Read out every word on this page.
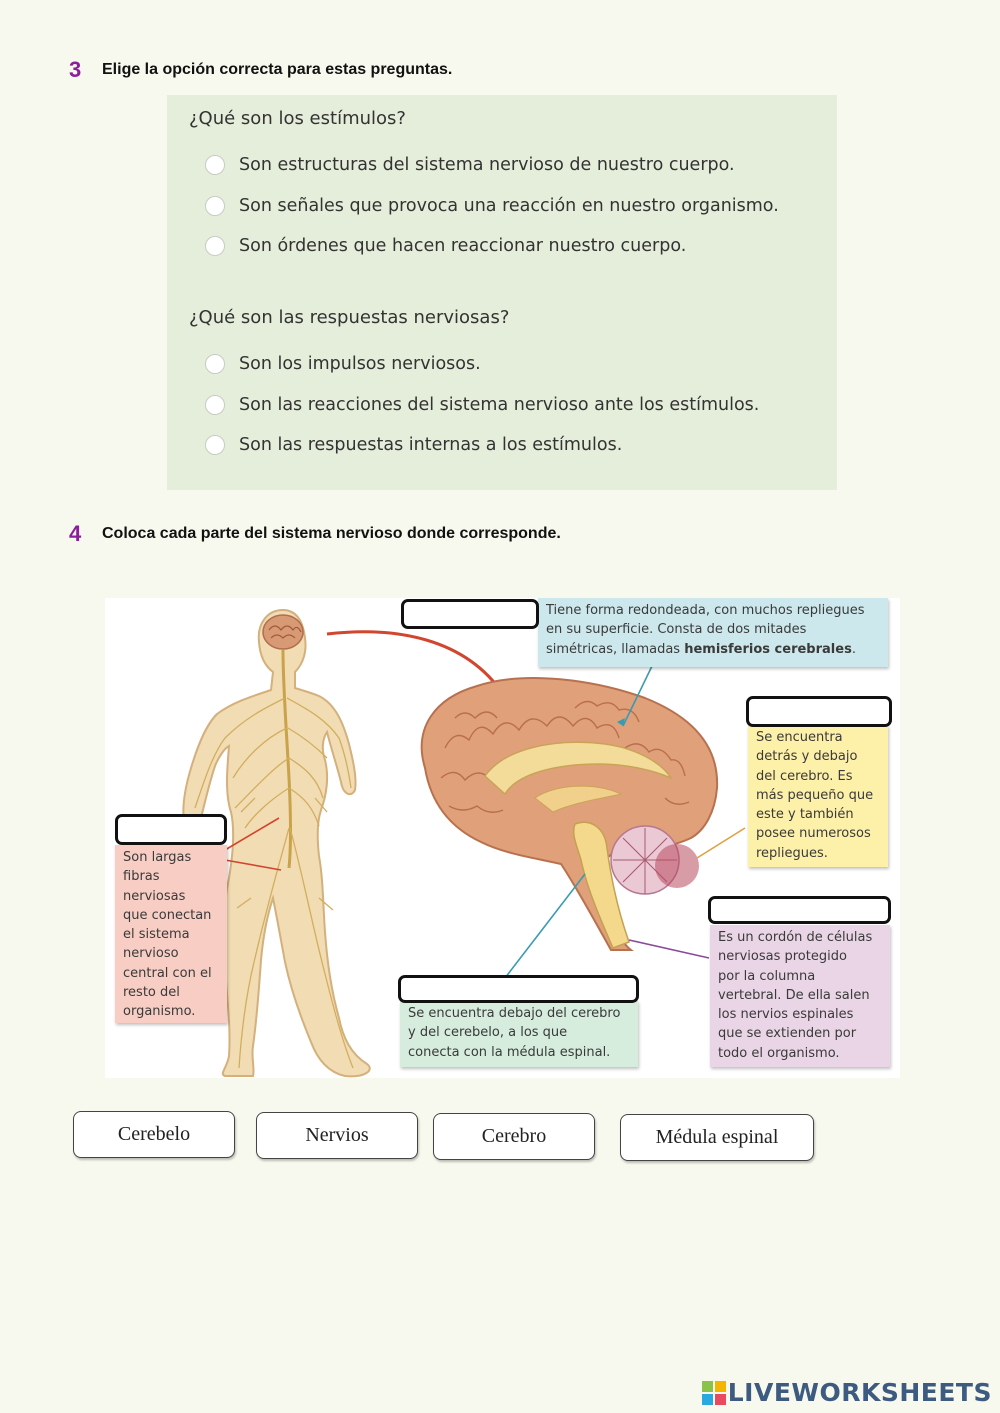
3 Elige la opción correcta para estas preguntas.
¿Qué son los estímulos?
Son estructuras del sistema nervioso de nuestro cuerpo.
Son señales que provoca una reacción en nuestro organismo.
Son órdenes que hacen reaccionar nuestro cuerpo.
¿Qué son las respuestas nerviosas?
Son los impulsos nerviosos.
Son las reacciones del sistema nervioso ante los estímulos.
Son las respuestas internas a los estímulos.
4 Coloca cada parte del sistema nervioso donde corresponde.
Tiene forma redondeada, con muchos repliegues
en su superficie. Consta de dos mitades
simétricas, llamadas hemisferios cerebrales.
Se encuentra
detrás y debajo
del cerebro. Es
más pequeño que
este y también
posee numerosos
repliegues.
Son largas
fibras
nerviosas
que conectan
el sistema
nervioso
central con el
resto del
organismo.	Se encuentra debajo del cerebro
y del cerebelo, a los que
conecta con la médula espinal.
Es un cordón de células
nerviosas protegido
por la columna
vertebral. De ella salen
los nervios espinales
que se extienden por
todo el organismo.
Cerebelo	Nervios	Cerebro	Médula espinal
LIVEWORKSHEETS
